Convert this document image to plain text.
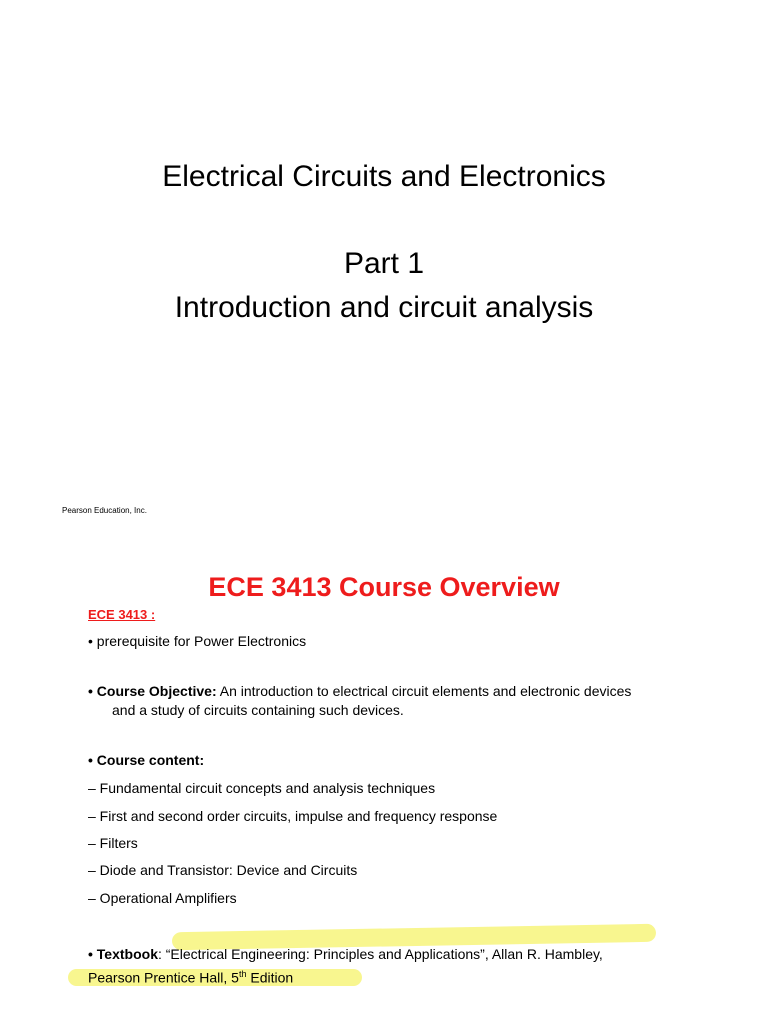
Electrical Circuits and Electronics
Part 1
Introduction and circuit analysis
Pearson Education, Inc.
ECE 3413 Course Overview
ECE 3413 :
• prerequisite for Power Electronics
• Course Objective: An introduction to electrical circuit elements and electronic devices
and a study of circuits containing such devices.
• Course content:
– Fundamental circuit concepts and analysis techniques
– First and second order circuits, impulse and frequency response
– Filters
– Diode and Transistor: Device and Circuits
– Operational Amplifiers
• Textbook: “Electrical Engineering: Principles and Applications”, Allan R. Hambley,
Pearson Prentice Hall, 5th Edition
